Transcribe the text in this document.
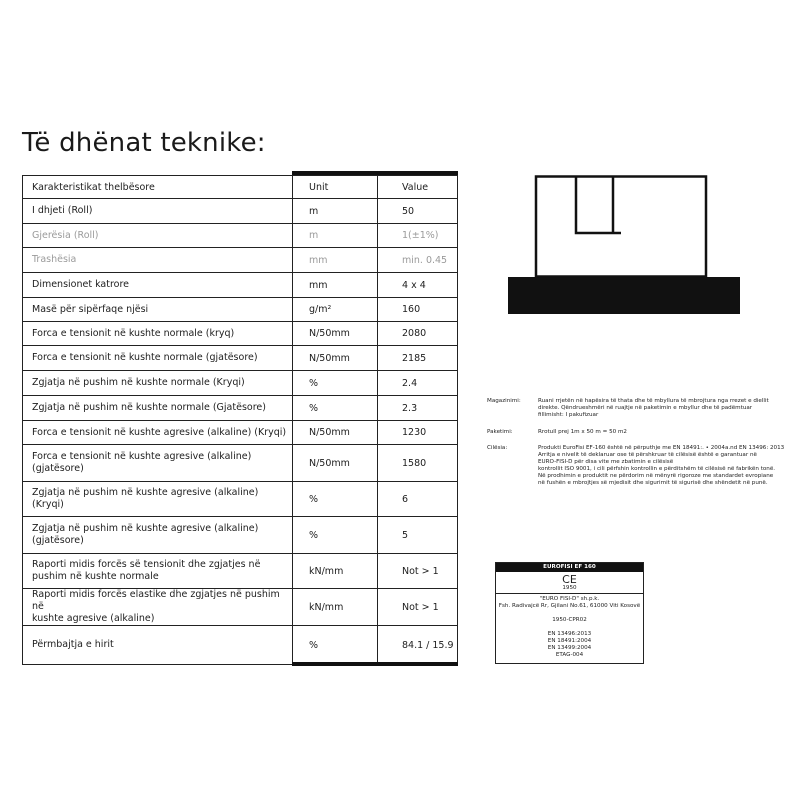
Të dhënat teknike:
Karakteristikat thelbësore	Unit	Value

I dhjeti (Roll)	m	50

Gjerësia (Roll)	m	1(±1%)

Trashësia	mm	min. 0.45

Dimensionet katrore	mm	4 x 4

Masë për sipërfaqe njësi	g/m²	160

Forca e tensionit në kushte normale (kryq)	N/50mm	2080

Forca e tensionit në kushte normale (gjatësore)	N/50mm	2185

Zgjatja në pushim në kushte normale (Kryqi)	%	2.4

Zgjatja në pushim në kushte normale (Gjatësore)	%	2.3

Forca e tensionit në kushte agresive (alkaline) (Kryqi)	N/50mm	1230

Forca e tensionit në kushte agresive (alkaline) (gjatësore)	N/50mm	1580

Zgjatja në pushim në kushte agresive (alkaline) (Kryqi)	%	6

Zgjatja në pushim në kushte agresive (alkaline) (gjatësore)	%	5

Raporti midis forcës së tensionit dhe zgjatjes në
pushim në kushte normale	kN/mm	Not > 1

Raporti midis forcës elastike dhe zgjatjes në pushim në
kushte agresive (alkaline)	kN/mm	Not > 1

Përmbajtja e hirit	%	84.1 / 15.9
Magazinimi:	Ruani rrjetën në hapësira të thata dhe të mbyllura të mbrojtura nga rrezet e diellit
direkte. Qëndrueshmëri në ruajtje në paketimin e mbyllur dhe të padëmtuar
fillimisht: I pakufizuar
Paketimi:	Rrotull prej 1m x 50 m = 50 m2
Cilësia:	Produkti EuroFisi EF-160 është në përputhje me EN 18491:. • 2004a.nd EN 13496: 2013
Arritja e nivelit të deklaruar ose të përshkruar të cilësisë është e garantuar në
EURO-FISI-D për disa vite me zbatimin e cilësisë
kontrollit ISO 9001, i cili përfshin kontrollin e përditshëm të cilësisë në fabrikën tonë.
Në prodhimin e produktit ne përdorim në mënyrë rigoroze me standardet evropiane
në fushën e mbrojtjes së mjedisit dhe sigurimit të sigurisë dhe shëndetit në punë.
EUROFISI EF 160
CE
1950
"EURO FISI-D" sh.p.k.
Fsh. Radivajcë Rr, Gjilani No.61, 61000 Viti Kosovë
1950-CPR02
EN 13496:2013
EN 18491:2004
EN 13499:2004
ETAG-004
